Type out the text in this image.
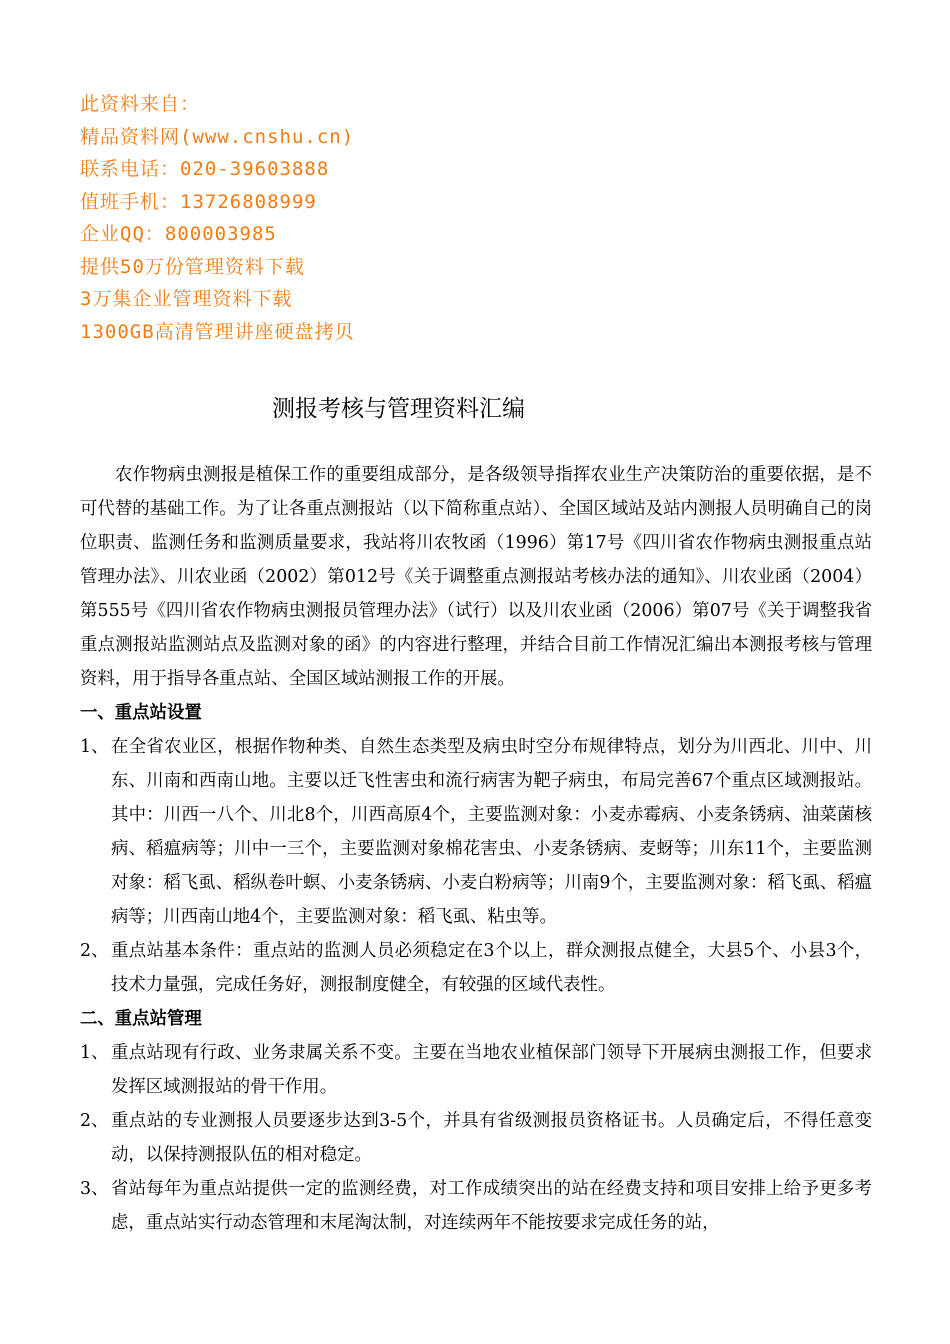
此资料来自：
精品资料网(www.cnshu.cn)
联系电话：020-39603888
值班手机：13726808999
企业QQ：800003985
提供50万份管理资料下载
3万集企业管理资料下载
1300GB高清管理讲座硬盘拷贝
测报考核与管理资料汇编

农作物病虫测报是植保工作的重要组成部分，是各级领导指挥农业生产决策防治的重要依据，是不可代替的基础工作。为了让各重点测报站（以下简称重点站）、全国区域站及站内测报人员明确自己的岗位职责、监测任务和监测质量要求，我站将川农牧函（1996）第17号《四川省农作物病虫测报重点站管理办法》、川农业函（2002）第012号《关于调整重点测报站考核办法的通知》、川农业函（2004）第555号《四川省农作物病虫测报员管理办法》（试行）以及川农业函（2006）第07号《关于调整我省重点测报站监测站点及监测对象的函》的内容进行整理，并结合目前工作情况汇编出本测报考核与管理资料，用于指导各重点站、全国区域站测报工作的开展。

一、重点站设置

1、 在全省农业区，根据作物种类、自然生态类型及病虫时空分布规律特点，划分为川西北、川中、川东、川南和西南山地。主要以迁飞性害虫和流行病害为靶子病虫，布局完善67个重点区域测报站。其中：川西一八个、川北8个，川西高原4个，主要监测对象：小麦赤霉病、小麦条锈病、油菜菌核病、稻瘟病等；川中一三个，主要监测对象棉花害虫、小麦条锈病、麦蚜等；川东11个，主要监测对象：稻飞虱、稻纵卷叶螟、小麦条锈病、小麦白粉病等；川南9个，主要监测对象：稻飞虱、稻瘟病等；川西南山地4个，主要监测对象：稻飞虱、粘虫等。
2、 重点站基本条件：重点站的监测人员必须稳定在3个以上，群众测报点健全，大县5个、小县3个，技术力量强，完成任务好，测报制度健全，有较强的区域代表性。

二、重点站管理

1、 重点站现有行政、业务隶属关系不变。主要在当地农业植保部门领导下开展病虫测报工作，但要求发挥区域测报站的骨干作用。
2、 重点站的专业测报人员要逐步达到3-5个，并具有省级测报员资格证书。人员确定后，不得任意变动，以保持测报队伍的相对稳定。
3、 省站每年为重点站提供一定的监测经费，对工作成绩突出的站在经费支持和项目安排上给予更多考虑，重点站实行动态管理和末尾淘汰制，对连续两年不能按要求完成任务的站，
